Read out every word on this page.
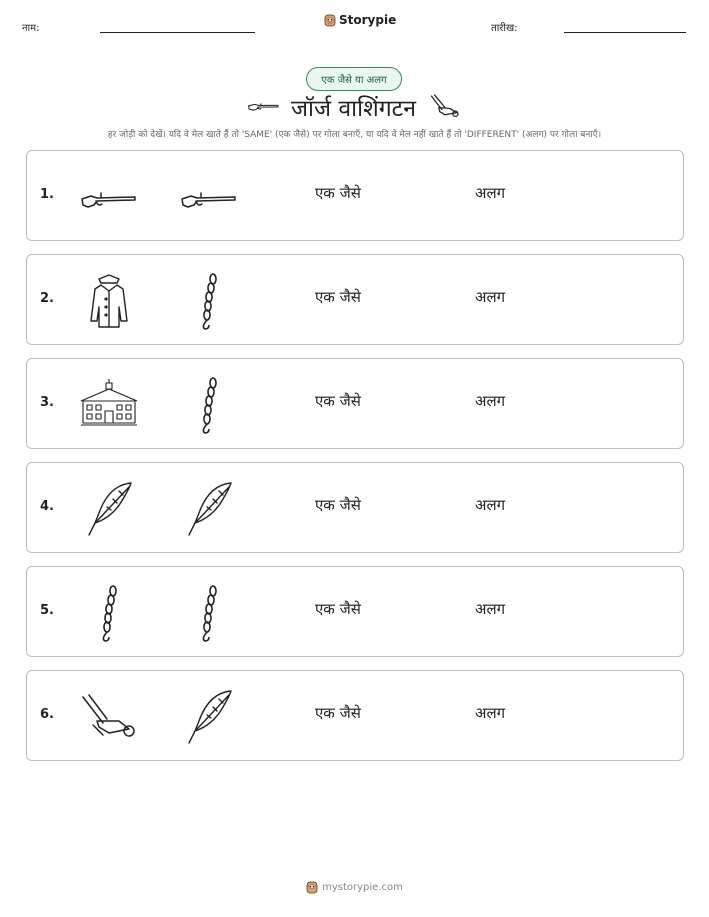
नाम:
Storypie
तारीख:
एक जैसे या अलग
जॉर्ज वाशिंगटन
हर जोड़ी को देखें। यदि वे मेल खाते हैं तो 'SAME' (एक जैसे) पर गोला बनाएँ, या यदि वे मेल नहीं खाते हैं तो 'DIFFERENT' (अलग) पर गोला बनाएँ।
1.	एक जैसे	अलग
2.	एक जैसे	अलग
3.	एक जैसे	अलग
4.	एक जैसे	अलग
5.	एक जैसे	अलग
6.	एक जैसे	अलग
mystorypie.com
